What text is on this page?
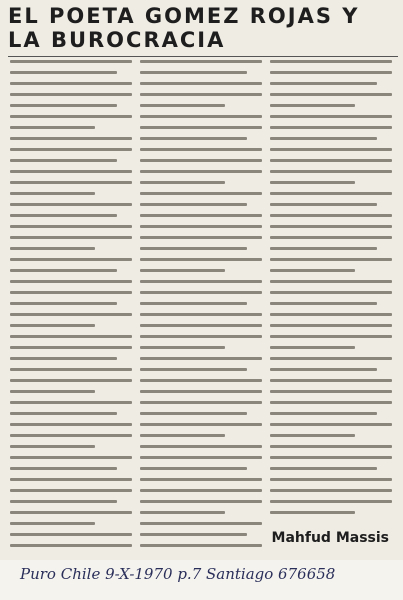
EL POETA GOMEZ ROJAS Y LA BUROCRACIA

Mahfud Massis

Puro Chile 9-X-1970 p.7 Santiago 676658
